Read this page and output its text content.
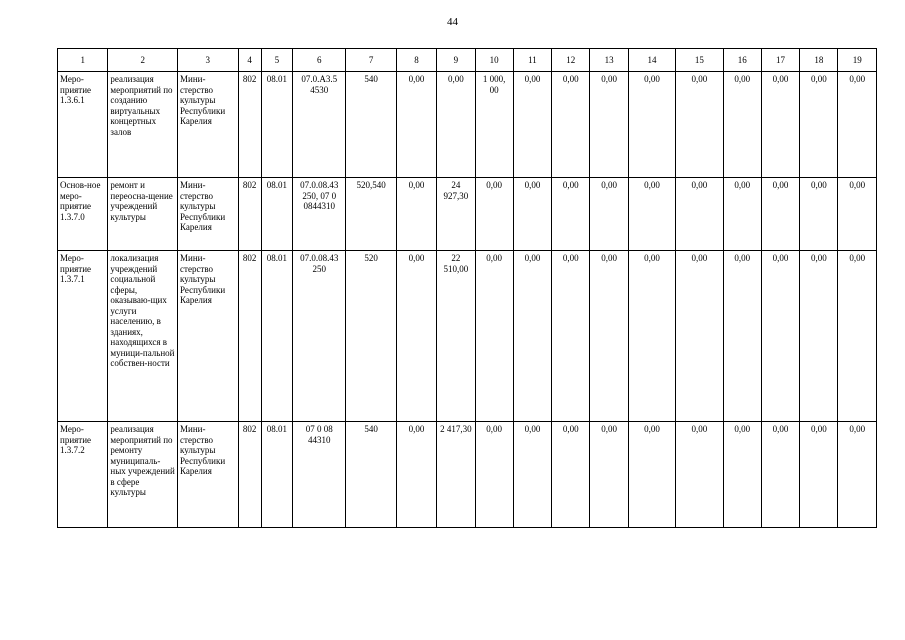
44
1	2	3	4	5	6	7	8	9	10	11	12	13	14	15	16	17	18	19
Меро-приятие 1.3.6.1	реализация мероприятий по созданию виртуальных концертных залов	Мини-стерство культуры Республики Карелия	802	08.01	07.0.А3.5 4530	540	0,00	0,00	1 000, 00	0,00	0,00	0,00	0,00	0,00	0,00	0,00	0,00	0,00
Основ-ное меро-приятие 1.3.7.0	ремонт и переосна-щение учреждений культуры	Мини-стерство культуры Республики Карелия	802	08.01	07.0.08.43 250, 07 0 0844310	520,540	0,00	24 927,30	0,00	0,00	0,00	0,00	0,00	0,00	0,00	0,00	0,00	0,00
Меро-приятие 1.3.7.1	локализация учреждений социальной сферы, оказываю-щих услуги населению, в зданиях, находящихся в муници-пальной собствен-ности	Мини-стерство культуры Республики Карелия	802	08.01	07.0.08.43 250	520	0,00	22 510,00	0,00	0,00	0,00	0,00	0,00	0,00	0,00	0,00	0,00	0,00
Меро-приятие 1.3.7.2	реализация мероприятий по ремонту муниципаль-ных учреждений в сфере культуры	Мини-стерство культуры Республики Карелия	802	08.01	07 0 08 44310	540	0,00	2 417,30	0,00	0,00	0,00	0,00	0,00	0,00	0,00	0,00	0,00	0,00
